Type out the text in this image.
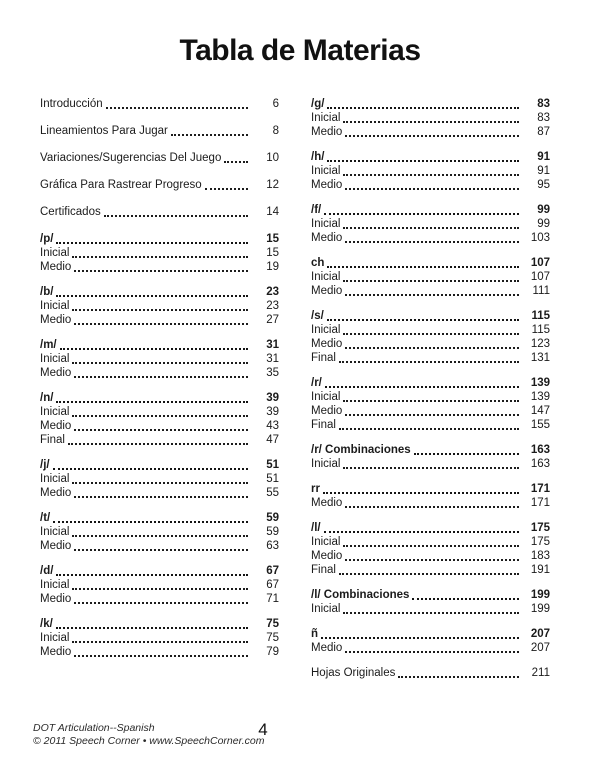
Tabla de Materias
Introducción	6
Lineamientos Para Jugar	8
Variaciones/Sugerencias Del Juego	10
Gráfica Para Rastrear Progreso	12
Certificados	14
/p/	15
Inicial	15
Medio	19
/b/	23
Inicial	23
Medio	27
/m/	31
Inicial	31
Medio	35
/n/	39
Inicial	39
Medio	43
Final	47
/j/	51
Inicial	51
Medio	55
/t/	59
Inicial	59
Medio	63
/d/	67
Inicial	67
Medio	71
/k/	75
Inicial	75
Medio	79
/g/	83
Inicial	83
Medio	87
/h/	91
Inicial	91
Medio	95
/f/	99
Inicial	99
Medio	103
ch	107
Inicial	107
Medio	111
/s/	115
Inicial	115
Medio	123
Final	131
/r/	139
Inicial	139
Medio	147
Final	155
/r/ Combinaciones	163
Inicial	163
rr	171
Medio	171
/l/	175
Inicial	175
Medio	183
Final	191
/l/ Combinaciones	199
Inicial	199
ñ	207
Medio	207
Hojas Originales	211
DOT Articulation--Spanish
© 2011 Speech Corner • www.SpeechCorner.com
4
